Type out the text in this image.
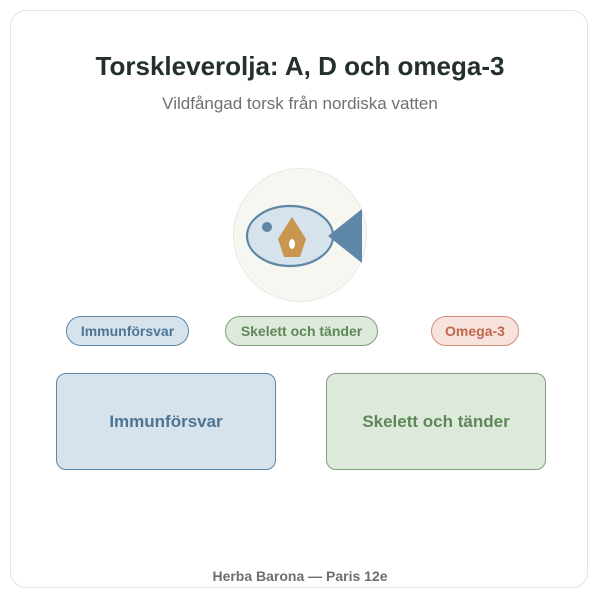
Torskleverolja: A, D och omega-3

Vildfångad torsk från nordiska vatten

Immunförsvar	Skelett och tänder	Omega-3
Immunförsvar	Skelett och tänder

Herba Barona — Paris 12e
